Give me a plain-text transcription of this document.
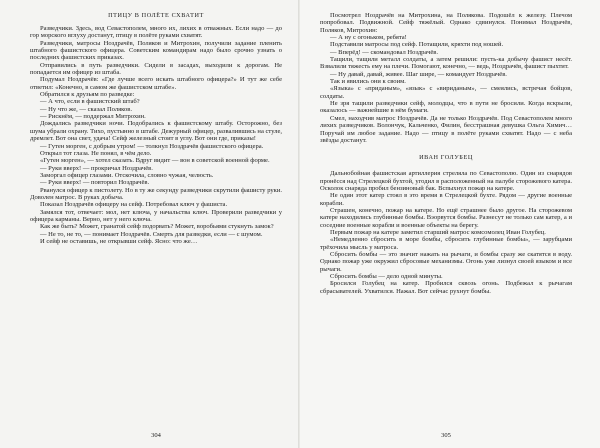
ПТИЦУ В ПОЛЁТЕ СХВАТИТ

Разведчики. Здесь, вод Севастополем, много их, лихих в отважных. Если надо — до гор морского вглуху достанут, птицу в полёте руками схватят.

Разведчики, матросы Ноздрачёв, Поляков и Митрохин, получили задание пленить штабного фашистского офицера. Советским командирам надо было срочно узнать о последних фашистских приказах.

Отправились в путь разведчики. Сидели в засадах, выходили к дорогам. Не попадается им офицер из штаба.

Подумал Ноздрачёв: «Где лучше всего искать штабного офицера?» И тут же себе ответил: «Конечно, в самом же фашистском штабе».

Обратился к друзьям по разведке:

— А что, если в фашистский штаб?

— Ну что же, — сказал Поляков.

— Рискнём, — поддержал Митрохин.

Дождались разведчики ночи. Подобрались к фашистскому штабу. Осторожно, без шума убрали охрану. Тихо, пустынно в штабе. Дежурный офицер, развалившись на стуле, дремлет. Вот она свет, удача! Сейф железный стоит в углу. Вот они где, приказы!

— Гутен морген, с добрым утром! — толкнул Ноздрачёв фашистского офицера.

Открыл тот глаза. Не понял, в чём дело.

«Гутен морген», — хотел сказать. Вдруг видит — вон в советской военной форме.

— Руки вверх! — прокричал Ноздрачёв.

Заморгал офицер глазами. Отскочила, словно чужая, челюсть.

— Руки вверх! — повторил Ноздрачёв.

Рванулся офицер к пистолету. Но в ту же секунду разведчики скрутили фашисту руки. Доволен матрос. В руках добыча.

Показал Ноздрачёв офицеру на сейф. Потребовал ключ у фашиста.

Замялся тот, отвечает: мол, нет ключа, у начальства ключ. Проверили разведчики у офицера карманы. Верно, нет у него ключа.

Как же быть? Может, гранатой сейф подорвать? Может, воробьями стукнуть замок?

— Не то, не то, — понимает Ноздрачёв. Смерть для разведки, если — с шумом.

И сейф не оставишь, не открывши сейф. Ясно: что же…

304

Посмотрел Ноздрачёв на Митрохина, на Полякова. Подошёл к железу. Плечом попробовал. Подвижной. Сейф тяжёлый. Однако сдвинулся. Понимал Ноздрачёв, Поляков, Митрохин:

— А ну с огоньком, ребята!

Подставили матросы под сейф. Потащили, кряхти под ношей.

— Вперёд! — скомандовал Ноздрачёв.

Тащили, тащили металл солдаты, а затем решили: пусть-ка добычу фашист несёт. Взвалили тяжесть ему на плечи. Помогают, конечно, — ведь, Ноздрачёв, фашист пыхтит.

— Ну давай, давай, живее. Шаг шире, — командует Ноздрачёв.

Так и явились они к своим.

«Языка» с «приданым», «язык» с «вириданым», — смеялись, встречая бойцов, солдаты.

Не зря тащили разведчики сейф, молодцы, что в пути не бросили. Когда вскрыли, оказалось — важнейшие в нём бумаги.

Смел, находчив матрос Ноздрачёв. Да не только Ноздрачёв. Под Севастополем много лихих разведчиков. Волончук, Кальченко, Филин, бесстрашная девушка Ольга Химич… Поручай им любое задание. Надо — птицу в полёте руками схватят. Надо — с неба звёзды достанут.

ИВАН ГОЛУБЕЦ

Дальнобойная фашистская артиллерия стреляла по Севастополю. Один из снарядов пронёсся над Стрелецкой бухтой, угодил в расположенный на палубе сторожевого катера. Осколок снаряда пробил бензиновый бак. Вспыхнул пожар на катере.

Не один этот катер стоял в это время в Стрелецкой бухте. Рядом — другие военные корабли.

Страшен, конечно, пожар на катере. Но ещё страшнее было другое. На сторожевом катере находились глубинные бомбы. Вэорвутся бомбы. Разнесут не только сам катер, а и соседние военные корабли и военные объекты на берегу.

Первым пожар на катере заметил старший матрос комсомолец Иван Голубец.

«Немедленно сбросить в море бомбы, сбросить глубинные бомбы», — зарубцами трёхочила мысль у матроса.

Сбросить бомбы — это значит нажать на рычаги, и бомбы сразу же скатятся в воду. Однако пожар уже окружил сбросовые механизмы. Огонь уже лизнул своей языком и все рычаги.

Сбросить бомбы — дело одной минуты.

Бросился Голубец на катер. Пробился сквозь огонь. Подбежал к рычагам сбрасывателей. Ухватился. Нажал. Вот сейчас рухнут бомбы.

305
